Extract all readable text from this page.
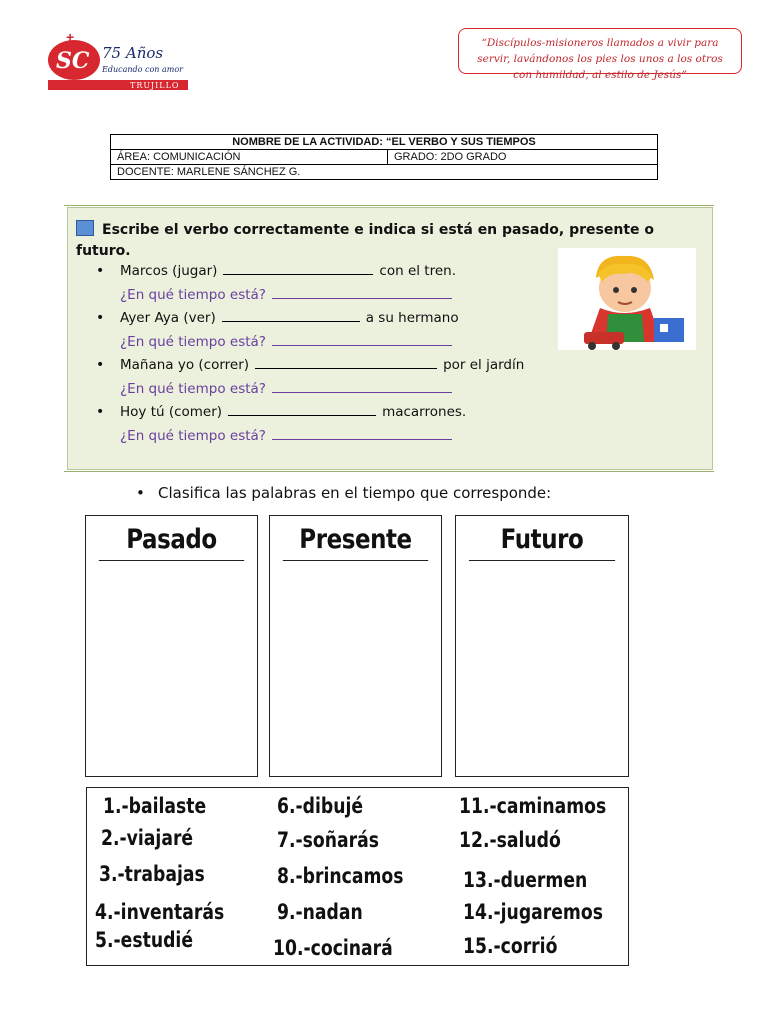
SC
+
75 Años
Educando con amor
TRUJILLO
“Discípulos-misioneros llamados a vivir para servir, lavándonos los pies los unos a los otros con humildad, al estilo de Jesús”
NOMBRE DE LA ACTIVIDAD: “EL VERBO Y SUS TIEMPOS
ÁREA: COMUNICACIÓN	GRADO: 2DO GRADO
DOCENTE: MARLENE SÁNCHEZ G.
Escribe el verbo correctamente e indica si está en pasado, presente o futuro.
• Marcos (jugar)	con el tren.
¿En qué tiempo está?
• Ayer Aya (ver)	a su hermano
¿En qué tiempo está?
• Mañana yo (correr)	por el jardín
¿En qué tiempo está?
• Hoy tú (comer)	macarrones.
¿En qué tiempo está?
• Clasifica las palabras en el tiempo que corresponde:
Pasado	Presente	Futuro
1.-bailaste
2.-viajaré
3.-trabajas
4.-inventarás
5.-estudié
6.-dibujé
7.-soñarás
8.-brincamos
9.-nadan
10.-cocinará
11.-caminamos
12.-saludó
13.-duermen
14.-jugaremos
15.-corrió
